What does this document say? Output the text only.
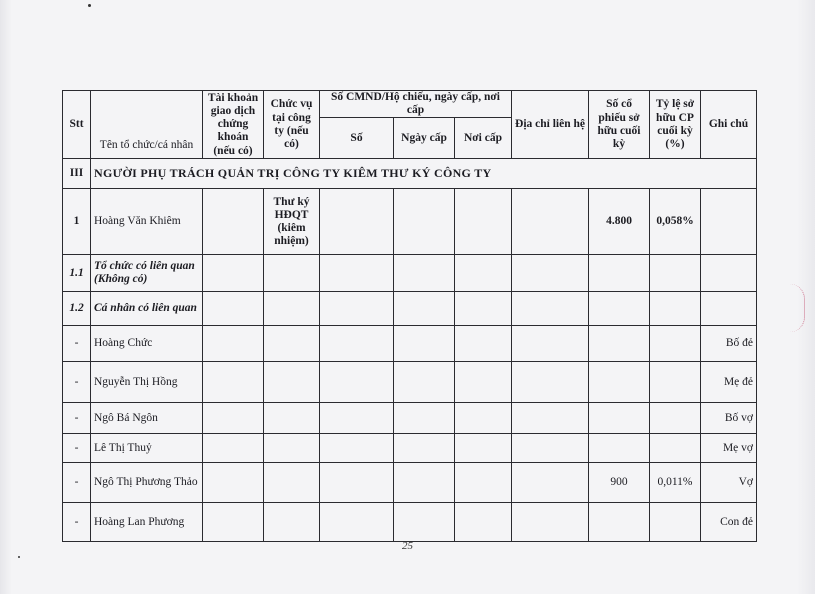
Stt	Tên tổ chức/cá nhân	Tài khoản giao dịch chứng khoán (nếu có)	Chức vụ tại công ty (nếu có)	Số CMND/Hộ chiếu, ngày cấp, nơi cấp			Địa chỉ liên hệ	Số cổ phiếu sở hữu cuối kỳ	Tỷ lệ sở hữu CP cuối kỳ (%)	Ghi chú
				Số	Ngày cấp	Nơi cấp				
III	NGƯỜI PHỤ TRÁCH QUẢN TRỊ CÔNG TY KIÊM THƯ KÝ CÔNG TY									
1	Hoàng Văn Khiêm		Thư ký HĐQT (kiêm nhiệm)					4.800	0,058%	
1.1	Tổ chức có liên quan (Không có)									
1.2	Cá nhân có liên quan									
-	Hoàng Chức									Bố đẻ
-	Nguyễn Thị Hồng									Mẹ đẻ
-	Ngô Bá Ngôn									Bố vợ
-	Lê Thị Thuỷ									Mẹ vợ
-	Ngô Thị Phương Thảo							900	0,011%	Vợ
-	Hoàng Lan Phương									Con đẻ
25
